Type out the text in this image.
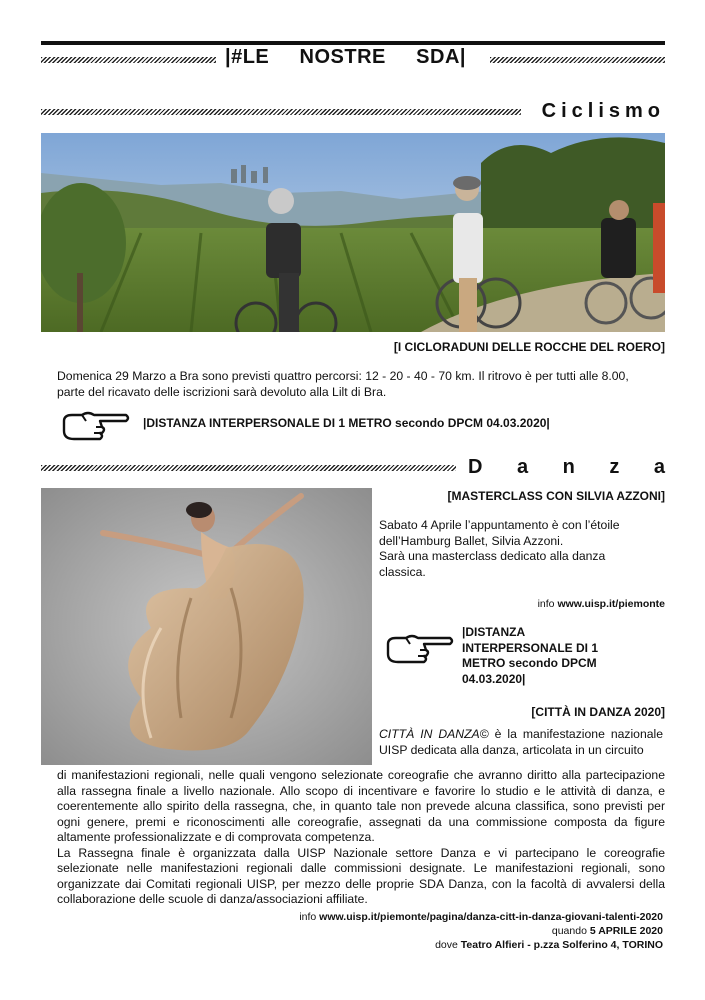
|#LE     NOSTRE     SDA|
Ciclismo
[I CICLORADUNI DELLE ROCCHE DEL ROERO]
Domenica 29 Marzo a Bra sono previsti quattro percorsi: 12 - 20 - 40 - 70 km. Il ritrovo è per tutti alle 8.00, parte del ricavato delle iscrizioni sarà devoluto alla Lilt di Bra.
|DISTANZA INTERPERSONALE DI 1 METRO secondo DPCM 04.03.2020|
D a n z a
[MASTERCLASS CON SILVIA AZZONI]
Sabato 4 Aprile l’appuntamento è con l’étoile dell’Hamburg Ballet, Silvia Azzoni.
Sarà una masterclass dedicato alla danza classica.
info www.uisp.it/piemonte
|DISTANZA
INTERPERSONALE DI 1
METRO secondo DPCM
04.03.2020|
[CITTÀ IN DANZA 2020]
CITTÀ IN DANZA© è la manifestazione nazionale UISP dedicata alla danza, articolata in un circuito
di manifestazioni regionali, nelle quali vengono selezionate coreografie che avranno diritto alla partecipazione alla rassegna finale a livello nazionale. Allo scopo di incentivare e favorire lo studio e le attività di danza, e coerentemente allo spirito della rassegna, che, in quanto tale non prevede alcuna classifica, sono previsti per ogni genere, premi e riconoscimenti alle coreografie, assegnati da una commissione composta da figure altamente professionalizzate e di comprovata competenza.
La Rassegna finale è organizzata dalla UISP Nazionale settore Danza e vi partecipano le coreografie selezionate nelle manifestazioni regionali dalle commissioni designate. Le manifestazioni regionali, sono organizzate dai Comitati regionali UISP, per mezzo delle proprie SDA Danza, con la facoltà di avvalersi della collaborazione delle scuole di danza/associazioni affiliate.
info www.uisp.it/piemonte/pagina/danza-citt-in-danza-giovani-talenti-2020
quando 5 APRILE 2020
dove Teatro Alfieri - p.zza Solferino 4, TORINO
